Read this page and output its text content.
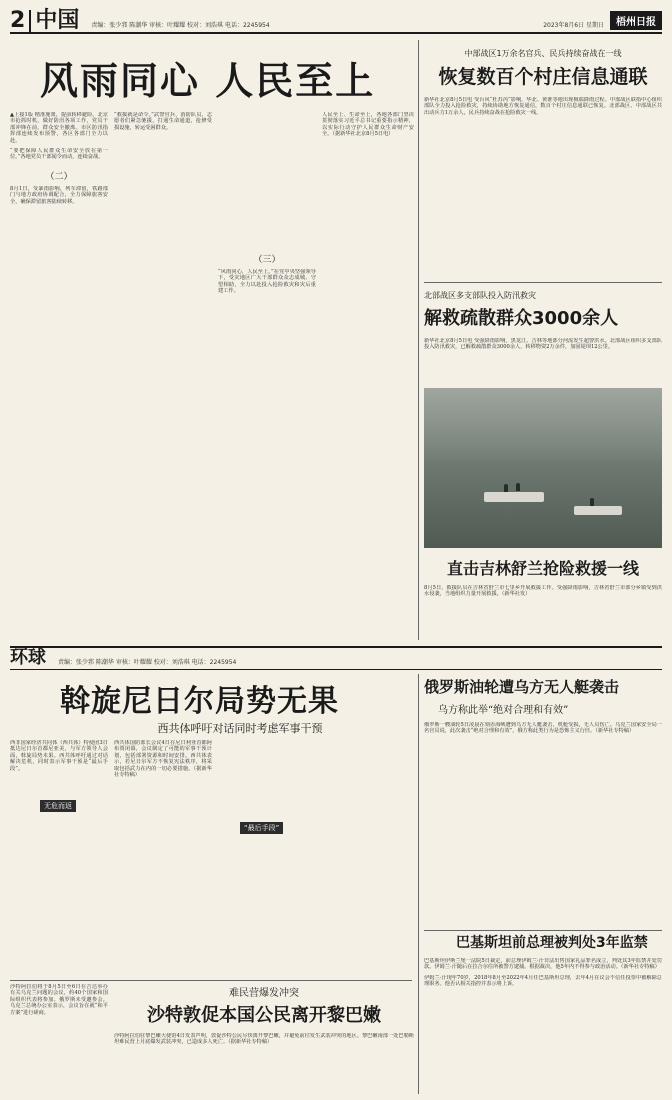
2 中国 责编：张少郛 陈潮华 审核：叶耀耀 校对：刘浩琪 电话：2245954	2023年8月6日 星期日	梧州日报
风雨同心 人民至上

▲上接1版 精准施策，提前转移避险。北京市抢抓时机，做好防汛各项工作，党员干部冲锋在前，群众安全撤离。市区防汛指挥部连续发布预警，各区各部门全力以赴。

“要把保障人民群众生命安全放在第一位。”各地党员干部闻令而动，连续奋战。

（二）

8月1日，受暴雨影响，列车滞留，铁路部门与地方政府协调配合，全力保障旅客安全，确保滞留旅客陆续转移。

“救援就是命令。”武警官兵、消防队员、志愿者们紧急驰援，打通生命通道，抢修受损设施，转运受困群众。

（三）

“风雨同心，人民至上。”在党中央坚强领导下，受灾地区广大干部群众众志成城、守望相助，全力以赴投入抢险救灾和灾后重建工作。

人民至上、生命至上，各地各部门坚决贯彻落实习近平总书记重要指示精神，以实际行动守护人民群众生命财产安全。（据新华社北京8月5日电）

中部战区1万余名官兵、民兵持续奋战在一线
恢复数百个村庄信息通联

新华社北京8月5日电 受台风“杜苏芮”影响，华北、黄淮等地出现极端降雨过程。中部战区联指中心组织部队全力投入抢险救灾，持续协助地方恢复通信，数百个村庄信息通联已恢复。北部战区、中部战区共出动兵力1万余人，民兵持续奋战在抢险救灾一线。

北部战区多支部队投入防汛救灾
解救疏散群众3000余人

新华社北京8月5日电 受强降雨影响，黑龙江、吉林等地部分河流发生超警洪水。北部战区组织多支部队投入防汛救灾，已解救疏散群众3000余人，转移物资2万余件，加固堤坝12公里。

直击吉林舒兰抢险救援一线

8月5日，救援队员在吉林省舒兰市七里乡开展救援工作。受强降雨影响，吉林省舒兰市部分乡镇受到洪水侵袭，当地组织力量开展救援。（新华社发）

环球 责编：张少郛 陈潮华 审核：叶耀耀 校对：刘浩琪 电话：2245954
斡旋尼日尔局势无果
西共体呼吁对话同时考虑军事干预

西非国家经济共同体（西共体）特使团3日抵达尼日尔首都尼亚美，与军方领导人会面，斡旋局势未果。西共体呼吁通过对话解决危机，同时表示军事干预是“最后手段”。

无危而返

西共体国防部长会议4日在尼日利亚首都阿布贾闭幕，会议制定了可能的军事干预计划，包括部署资源和时间安排。西共体表示，若尼日尔军方不恢复宪法秩序，将采取包括武力在内的一切必要措施。（据新华社专特稿）

“最后手段”
俄罗斯油轮遭乌方无人艇袭击
乌方称此举“绝对合理和有效”

俄罗斯一艘油轮5日凌晨在刻赤海峡遭到乌方无人艇袭击，机舱受损，无人员伤亡。乌克兰国家安全局一名官员说，此次袭击“绝对合理和有效”，俄方称此类行为是恐怖主义行径。（新华社专特稿）

巴基斯坦前总理被判处3年监禁

巴基斯坦伊斯兰堡一法院5日裁定，前总理伊姆兰·汗非法出售国家礼品罪名成立，判处其3年监禁并处罚款。伊姆兰·汗随后在拉合尔住所被警方逮捕。根据裁决，他5年内不得参与政治活动。（新华社专特稿）

伊姆兰·汗现年70岁，2018年8月至2022年4月任巴基斯坦总理，去年4月在议会不信任投票中被解除总理职务。他否认相关指控并表示将上诉。

沙特阿拉伯将于8月5日至6日在吉达举办有关乌克兰问题的会议，约40个国家和国际组织代表将参加。俄罗斯未受邀参会。乌克兰总统办公室表示，会议旨在就“和平方案”进行磋商。

难民营爆发冲突
沙特敦促本国公民离开黎巴嫩

沙特阿拉伯驻黎巴嫩大使馆4日发表声明，敦促沙特公民尽快离开黎巴嫩，并避免前往发生武装冲突的地区。黎巴嫩南部一处巴勒斯坦难民营上月底爆发武装冲突，已造成多人死亡。（据新华社专特稿）
